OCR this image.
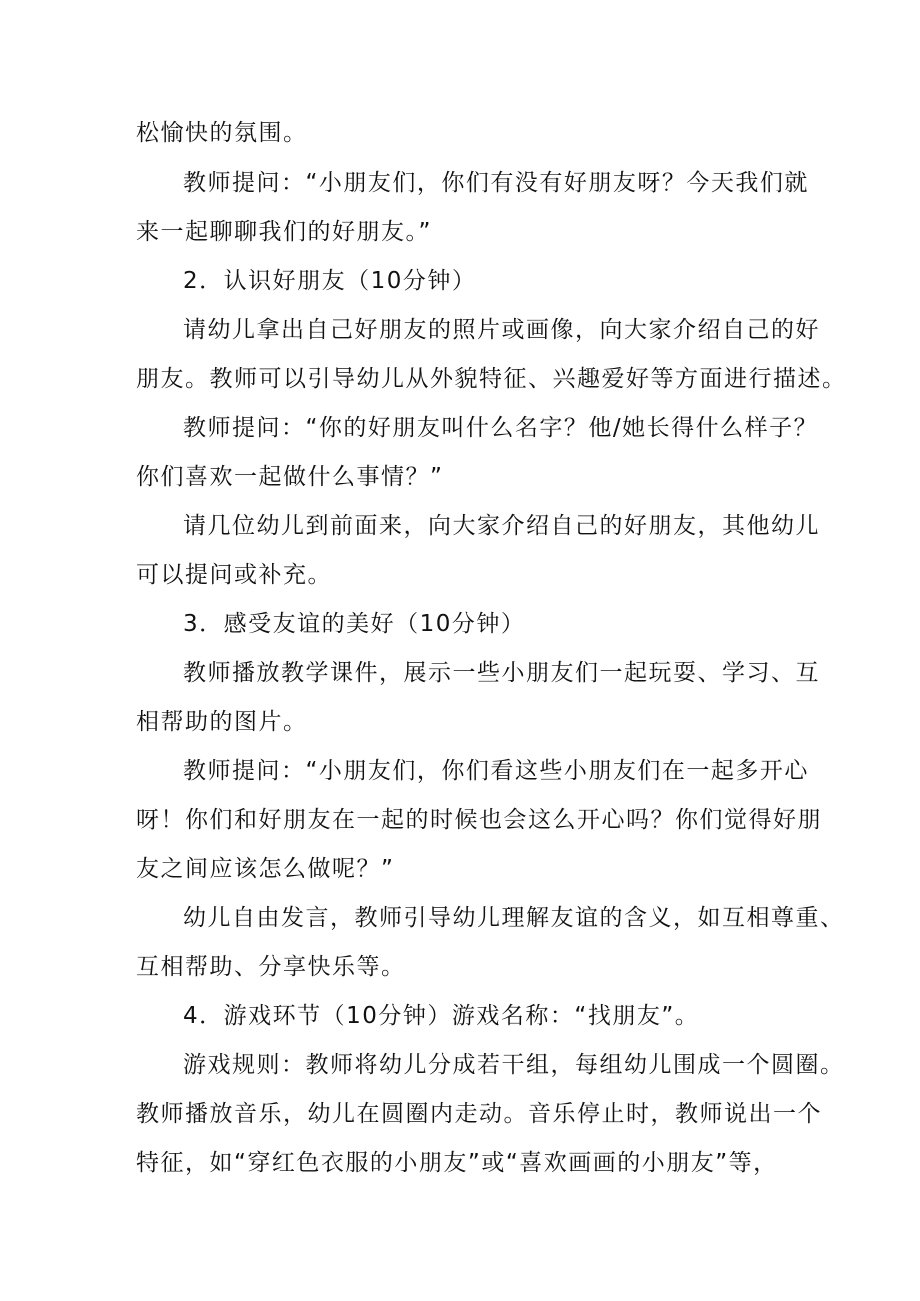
松愉快的氛围。
教师提问：“小朋友们，你们有没有好朋友呀？今天我们就
来一起聊聊我们的好朋友。”
2．认识好朋友（10分钟）
请幼儿拿出自己好朋友的照片或画像，向大家介绍自己的好
朋友。教师可以引导幼儿从外貌特征、兴趣爱好等方面进行描述。
教师提问：“你的好朋友叫什么名字？他/她长得什么样子？
你们喜欢一起做什么事情？”
请几位幼儿到前面来，向大家介绍自己的好朋友，其他幼儿
可以提问或补充。
3．感受友谊的美好（10分钟）
教师播放教学课件，展示一些小朋友们一起玩耍、学习、互
相帮助的图片。
教师提问：“小朋友们，你们看这些小朋友们在一起多开心
呀！你们和好朋友在一起的时候也会这么开心吗？你们觉得好朋
友之间应该怎么做呢？”
幼儿自由发言，教师引导幼儿理解友谊的含义，如互相尊重、
互相帮助、分享快乐等。
4．游戏环节（10分钟）游戏名称：“找朋友”。
游戏规则：教师将幼儿分成若干组，每组幼儿围成一个圆圈。
教师播放音乐，幼儿在圆圈内走动。音乐停止时，教师说出一个
特征，如“穿红色衣服的小朋友”或“喜欢画画的小朋友”等，
